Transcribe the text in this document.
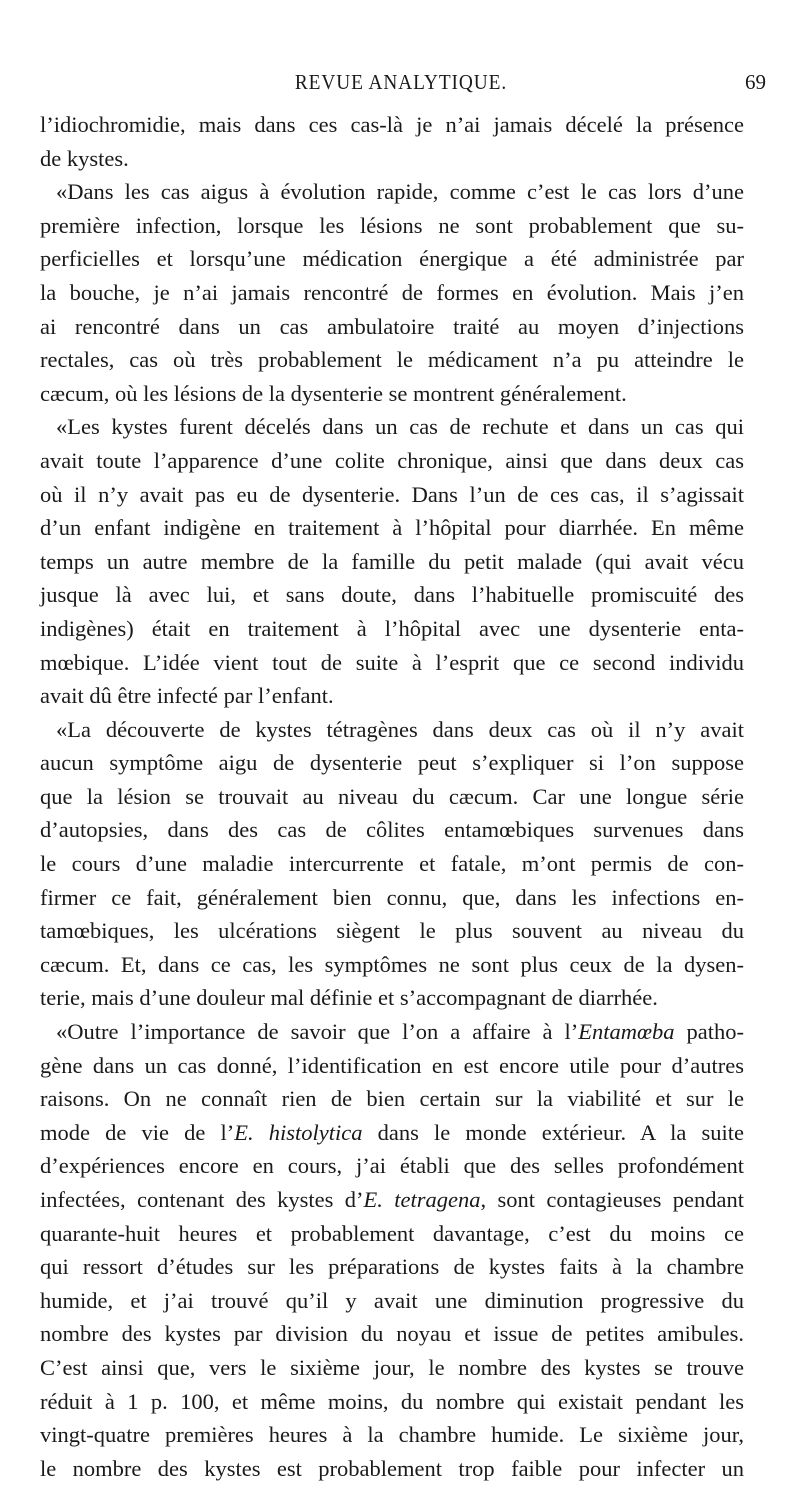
REVUE ANALYTIQUE.	69
l’idiochromidie, mais dans ces cas-là je n’ai jamais décelé la présence
de kystes.
«Dans les cas aigus à évolution rapide, comme c’est le cas lors d’une
première infection, lorsque les lésions ne sont probablement que su-
perficielles et lorsqu’une médication énergique a été administrée par
la bouche, je n’ai jamais rencontré de formes en évolution. Mais j’en
ai rencontré dans un cas ambulatoire traité au moyen d’injections
rectales, cas où très probablement le médicament n’a pu atteindre le
cæcum, où les lésions de la dysenterie se montrent généralement.
«Les kystes furent décelés dans un cas de rechute et dans un cas qui
avait toute l’apparence d’une colite chronique, ainsi que dans deux cas
où il n’y avait pas eu de dysenterie. Dans l’un de ces cas, il s’agissait
d’un enfant indigène en traitement à l’hôpital pour diarrhée. En même
temps un autre membre de la famille du petit malade (qui avait vécu
jusque là avec lui, et sans doute, dans l’habituelle promiscuité des
indigènes) était en traitement à l’hôpital avec une dysenterie entа-
mœbique. L’idée vient tout de suite à l’esprit que ce second individu
avait dû être infecté par l’enfant.
«La découverte de kystes tétragènes dans deux cas où il n’y avait
aucun symptôme aigu de dysenterie peut s’expliquer si l’on suppose
que la lésion se trouvait au niveau du cæcum. Car une longue série
d’autopsies, dans des cas de côlites entamœbiques survenues dans
le cours d’une maladie intercurrente et fatale, m’ont permis de con-
firmer ce fait, généralement bien connu, que, dans les infections en-
tamœbiques, les ulcérations siègent le plus souvent au niveau du
cæcum. Et, dans ce cas, les symptômes ne sont plus ceux de la dysen-
terie, mais d’une douleur mal définie et s’accompagnant de diarrhée.
«Outre l’importance de savoir que l’on a affaire à l’Entamœba patho-
gène dans un cas donné, l’identification en est encore utile pour d’autres
raisons. On ne connaît rien de bien certain sur la viabilité et sur le
mode de vie de l’E. histolytica dans le monde extérieur. A la suite
d’expériences encore en cours, j’ai établi que des selles profondément
infectées, contenant des kystes d’E. tetragena, sont contagieuses pendant
quarante-huit heures et probablement davantage, c’est du moins ce
qui ressort d’études sur les préparations de kystes faits à la chambre
humide, et j’ai trouvé qu’il y avait une diminution progressive du
nombre des kystes par division du noyau et issue de petites amibules.
C’est ainsi que, vers le sixième jour, le nombre des kystes se trouve
réduit à 1 p. 100, et même moins, du nombre qui existait pendant les
vingt-quatre premières heures à la chambre humide. Le sixième jour,
le nombre des kystes est probablement trop faible pour infecter un
